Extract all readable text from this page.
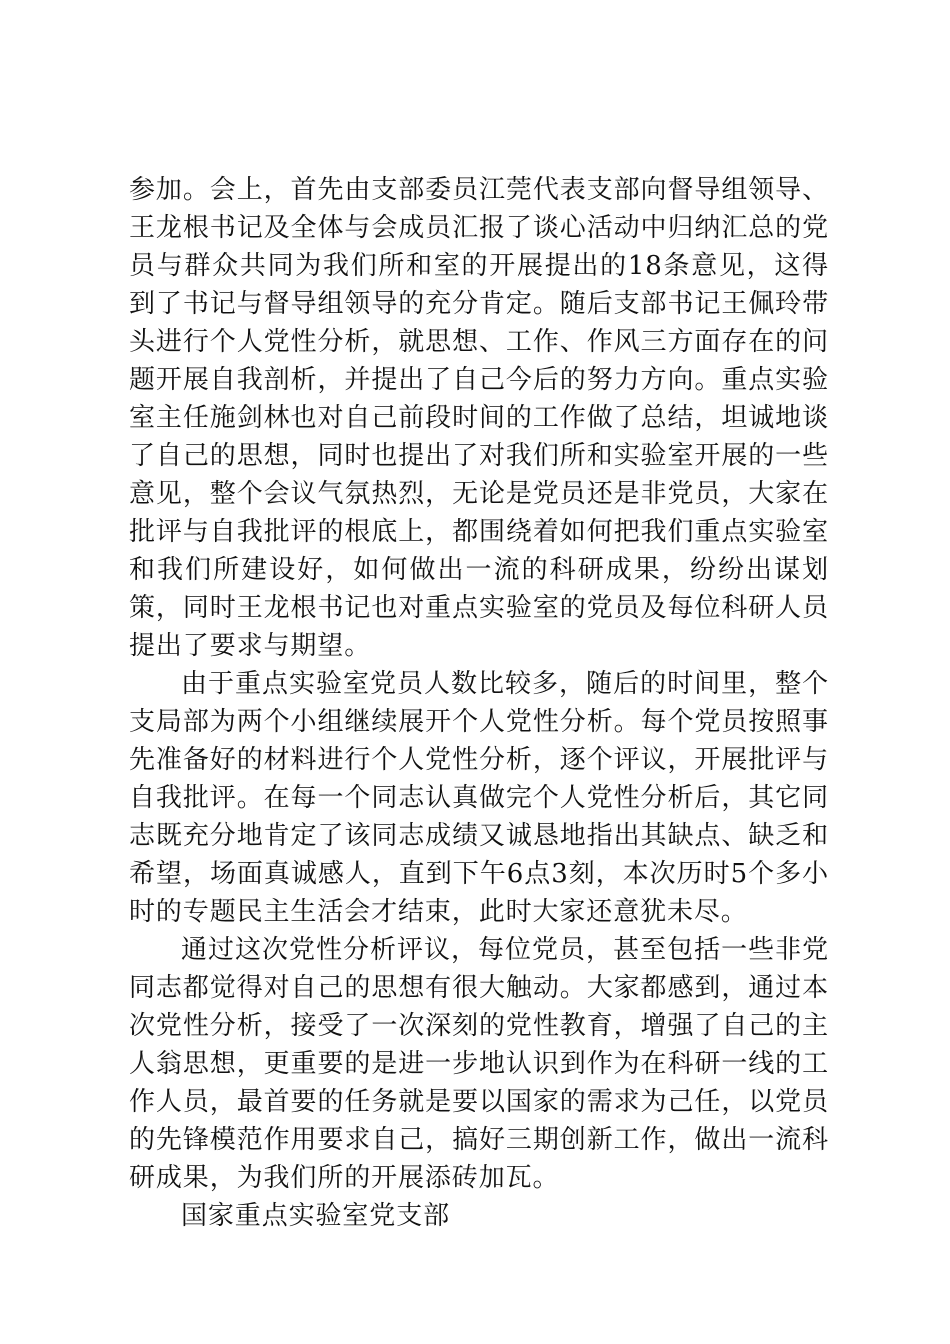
参加。会上，首先由支部委员江莞代表支部向督导组领导、王龙根书记及全体与会成员汇报了谈心活动中归纳汇总的党员与群众共同为我们所和室的开展提出的18条意见，这得到了书记与督导组领导的充分肯定。随后支部书记王佩玲带头进行个人党性分析，就思想、工作、作风三方面存在的问题开展自我剖析，并提出了自己今后的努力方向。重点实验室主任施剑林也对自己前段时间的工作做了总结，坦诚地谈了自己的思想，同时也提出了对我们所和实验室开展的一些意见，整个会议气氛热烈，无论是党员还是非党员，大家在批评与自我批评的根底上，都围绕着如何把我们重点实验室和我们所建设好，如何做出一流的科研成果，纷纷出谋划策，同时王龙根书记也对重点实验室的党员及每位科研人员提出了要求与期望。

由于重点实验室党员人数比较多，随后的时间里，整个支局部为两个小组继续展开个人党性分析。每个党员按照事先准备好的材料进行个人党性分析，逐个评议，开展批评与自我批评。在每一个同志认真做完个人党性分析后，其它同志既充分地肯定了该同志成绩又诚恳地指出其缺点、缺乏和希望，场面真诚感人，直到下午6点3刻，本次历时5个多小时的专题民主生活会才结束，此时大家还意犹未尽。

通过这次党性分析评议，每位党员，甚至包括一些非党同志都觉得对自己的思想有很大触动。大家都感到，通过本次党性分析，接受了一次深刻的党性教育，增强了自己的主人翁思想，更重要的是进一步地认识到作为在科研一线的工作人员，最首要的任务就是要以国家的需求为己任，以党员的先锋模范作用要求自己，搞好三期创新工作，做出一流科研成果，为我们所的开展添砖加瓦。

国家重点实验室党支部
